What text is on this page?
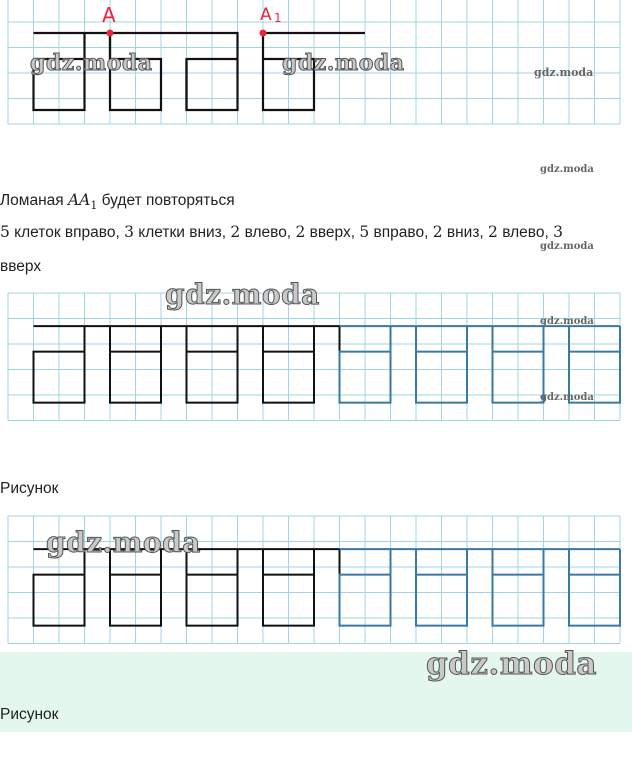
A	A 1
gdz.moda	gdz.moda	gdz.moda
gdz.moda
Ломаная $AA_1$ будет повторяться
5 клеток вправо, 3 клетки вниз, 2 влево, 2 вверх, 5 вправо, 2 вниз, 2 влево, 3
вверх
gdz.moda
gdz.moda
gdz.moda
gdz.moda
Рисунок
gdz.moda
gdz.moda
Рисунок
